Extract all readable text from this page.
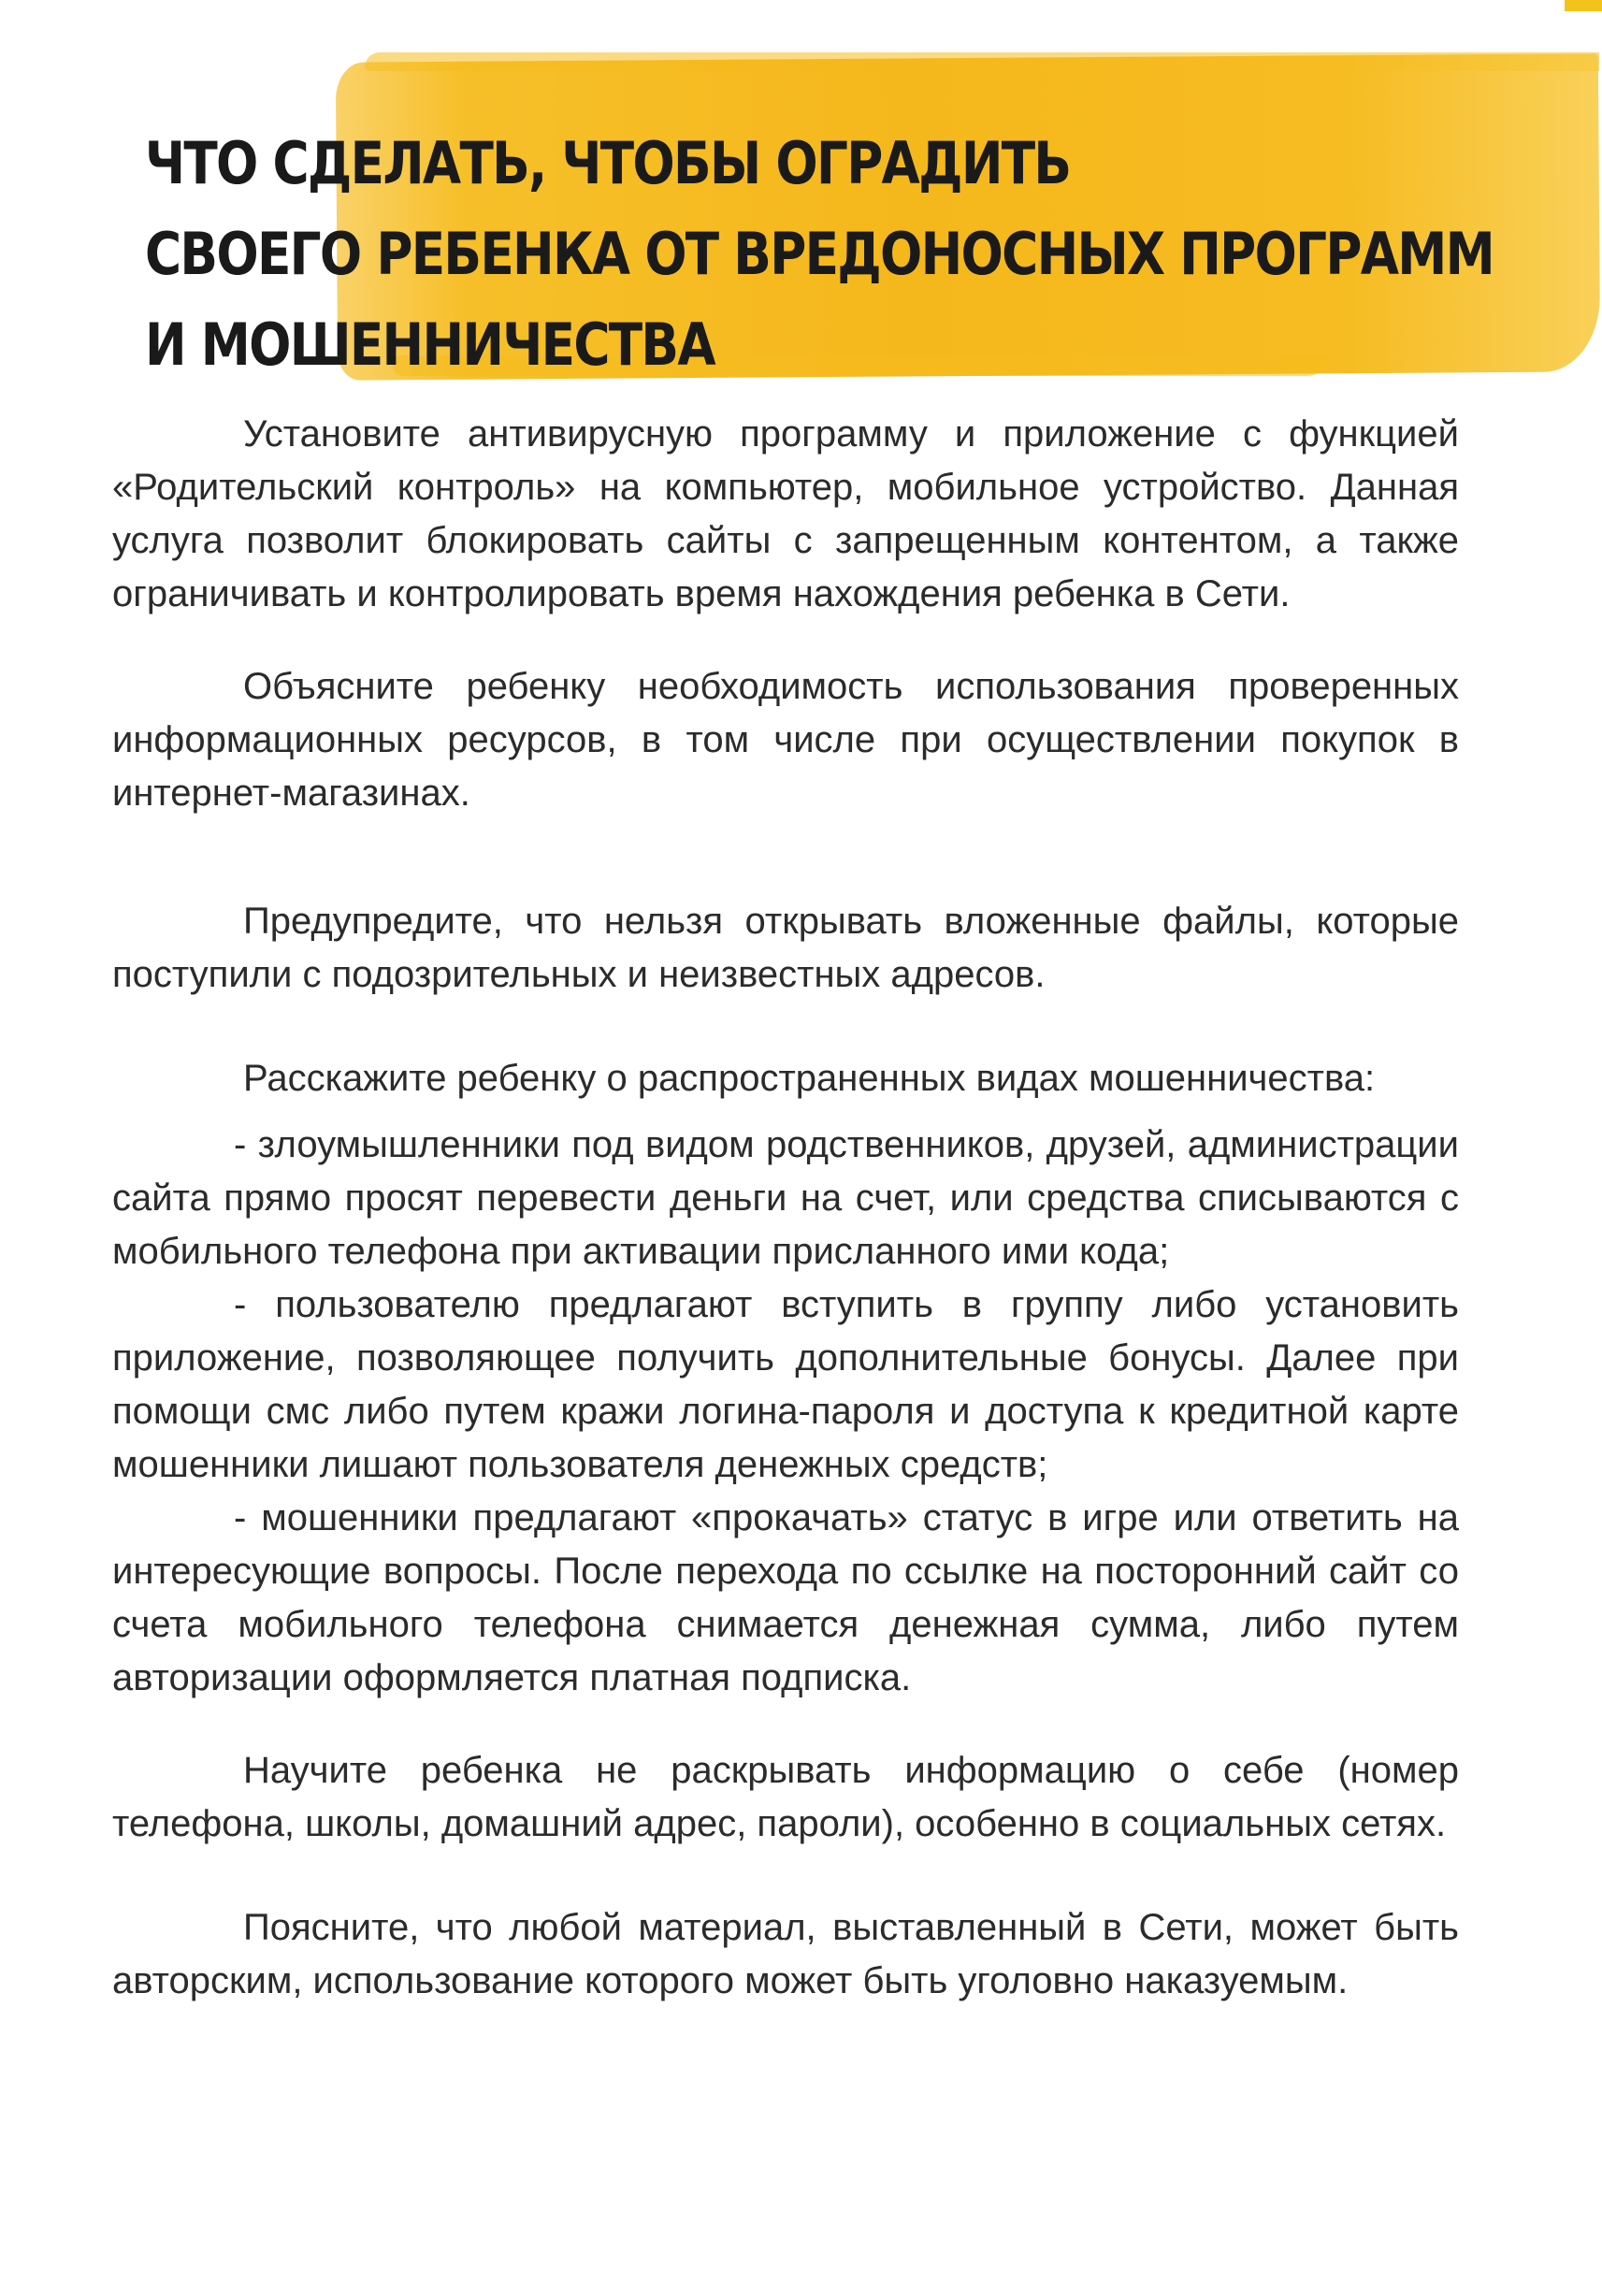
ЧТО СДЕЛАТЬ, ЧТОБЫ ОГРАДИТЬ
СВОЕГО РЕБЕНКА ОТ ВРЕДОНОСНЫХ ПРОГРАММ
И МОШЕННИЧЕСТВА

Установите антивирусную программу и приложение с функцией «Родительский контроль» на компьютер, мобильное устройство. Данная услуга позволит блокировать сайты с запрещенным контентом, а также ограничивать и контролировать время нахождения ребенка в Сети.

Объясните ребенку необходимость использования проверенных информационных ресурсов, в том числе при осуществлении покупок в интернет-магазинах.

Предупредите, что нельзя открывать вложенные файлы, которые поступили с подозрительных и неизвестных адресов.

Расскажите ребенку о распространенных видах мошенничества:

- злоумышленники под видом родственников, друзей, администрации сайта прямо просят перевести деньги на счет, или средства списываются с мобильного телефона при активации присланного ими кода;

- пользователю предлагают вступить в группу либо установить приложение, позволяющее получить дополнительные бонусы. Далее при помощи смс либо путем кражи логина-пароля и доступа к кредитной карте мошенники лишают пользователя денежных средств;

- мошенники предлагают «прокачать» статус в игре или ответить на интересующие вопросы. После перехода по ссылке на посторонний сайт со счета мобильного телефона снимается денежная сумма, либо путем авторизации оформляется платная подписка.

Научите ребенка не раскрывать информацию о себе (номер телефона, школы, домашний адрес, пароли), особенно в социальных сетях.

Поясните, что любой материал, выставленный в Сети, может быть авторским, использование которого может быть уголовно наказуемым.
